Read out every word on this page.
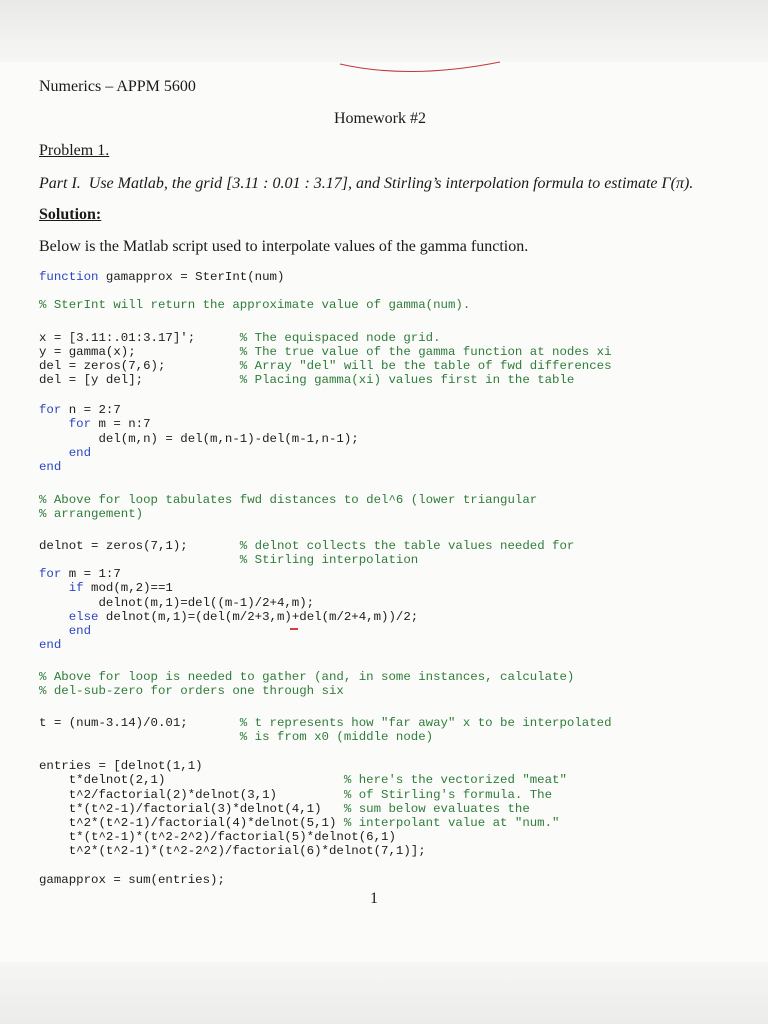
Numerics – APPM 5600
Homework #2
Problem 1.
Part I.  Use Matlab, the grid [3.11 : 0.01 : 3.17], and Stirling’s interpolation formula to estimate Γ(π).
Solution:
Below is the Matlab script used to interpolate values of the gamma function.
function gamapprox = SterInt(num)
% SterInt will return the approximate value of gamma(num).
x = [3.11:.01:3.17]';      % The equispaced node grid.
y = gamma(x);              % The true value of the gamma function at nodes xi
del = zeros(7,6);          % Array "del" will be the table of fwd differences
del = [y del];             % Placing gamma(xi) values first in the table
for n = 2:7
for m = n:7
del(m,n) = del(m,n-1)-del(m-1,n-1);
end
end
% Above for loop tabulates fwd distances to del^6 (lower triangular
% arrangement)
delnot = zeros(7,1);       % delnot collects the table values needed for
% Stirling interpolation
for m = 1:7
if mod(m,2)==1
delnot(m,1)=del((m-1)/2+4,m);
else delnot(m,1)=(del(m/2+3,m)+del(m/2+4,m))/2;
end
end
% Above for loop is needed to gather (and, in some instances, calculate)
% del-sub-zero for orders one through six
t = (num-3.14)/0.01;       % t represents how "far away" x to be interpolated
% is from x0 (middle node)
entries = [delnot(1,1)
t*delnot(2,1)                        % here's the vectorized "meat"
t^2/factorial(2)*delnot(3,1)         % of Stirling's formula. The
t*(t^2-1)/factorial(3)*delnot(4,1)   % sum below evaluates the
t^2*(t^2-1)/factorial(4)*delnot(5,1) % interpolant value at "num."
t*(t^2-1)*(t^2-2^2)/factorial(5)*delnot(6,1)
t^2*(t^2-1)*(t^2-2^2)/factorial(6)*delnot(7,1)];
gamapprox = sum(entries);
1
